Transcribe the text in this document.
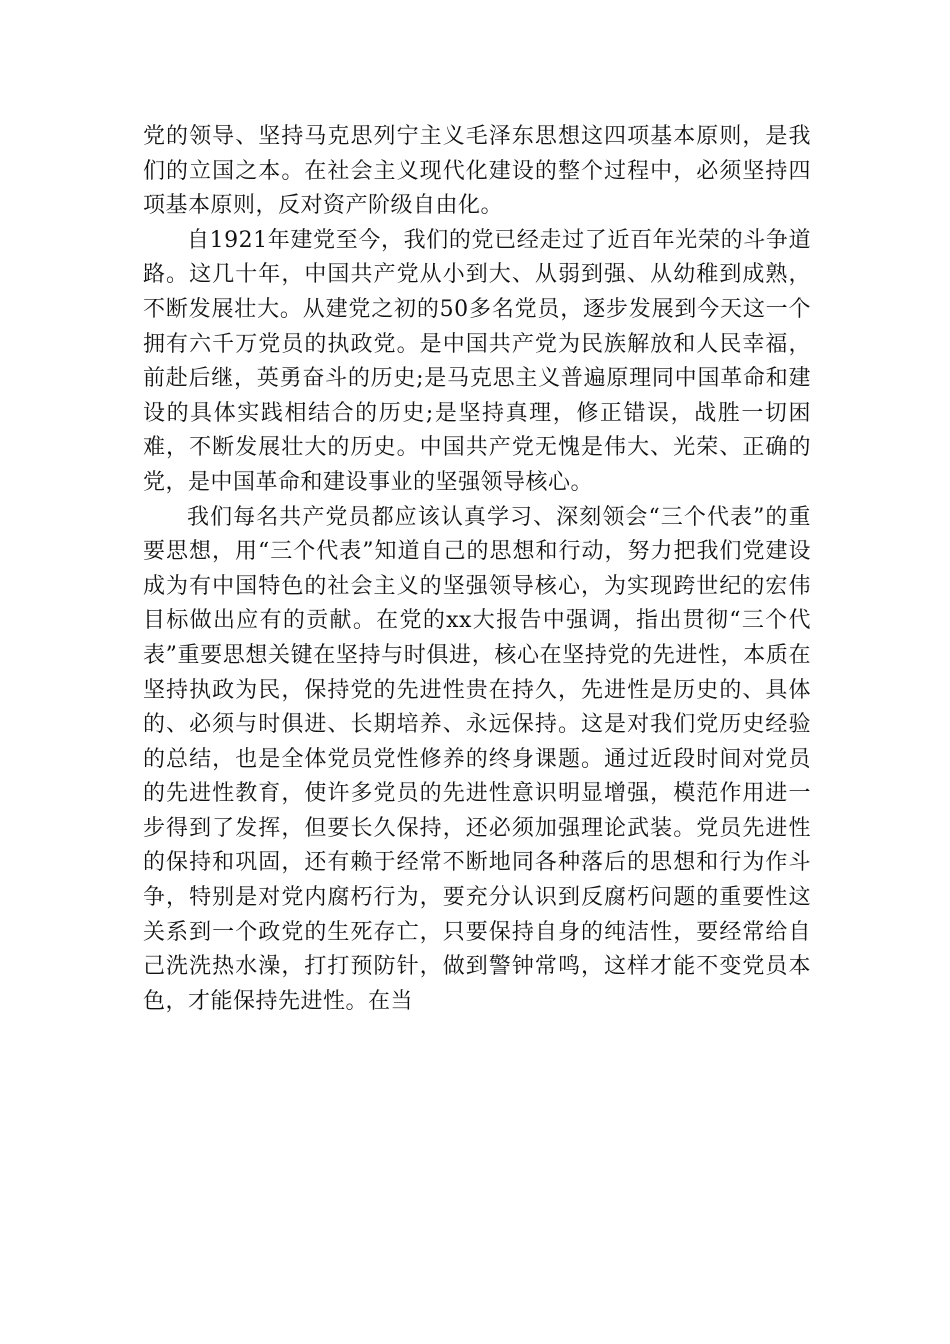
党的领导、坚持马克思列宁主义毛泽东思想这四项基本原则，是我们的立国之本。在社会主义现代化建设的整个过程中，必须坚持四项基本原则，反对资产阶级自由化。

自1921年建党至今，我们的党已经走过了近百年光荣的斗争道路。这几十年，中国共产党从小到大、从弱到强、从幼稚到成熟，不断发展壮大。从建党之初的50多名党员，逐步发展到今天这一个拥有六千万党员的执政党。是中国共产党为民族解放和人民幸福，前赴后继，英勇奋斗的历史;是马克思主义普遍原理同中国革命和建设的具体实践相结合的历史;是坚持真理，修正错误，战胜一切困难，不断发展壮大的历史。中国共产党无愧是伟大、光荣、正确的党，是中国革命和建设事业的坚强领导核心。

我们每名共产党员都应该认真学习、深刻领会“三个代表”的重要思想，用“三个代表”知道自己的思想和行动，努力把我们党建设成为有中国特色的社会主义的坚强领导核心，为实现跨世纪的宏伟目标做出应有的贡献。在党的xx大报告中强调，指出贯彻“三个代表”重要思想关键在坚持与时俱进，核心在坚持党的先进性，本质在坚持执政为民，保持党的先进性贵在持久，先进性是历史的、具体的、必须与时俱进、长期培养、永远保持。这是对我们党历史经验的总结，也是全体党员党性修养的终身课题。通过近段时间对党员的先进性教育，使许多党员的先进性意识明显增强，模范作用进一步得到了发挥，但要长久保持，还必须加强理论武装。党员先进性的保持和巩固，还有赖于经常不断地同各种落后的思想和行为作斗争，特别是对党内腐朽行为，要充分认识到反腐朽问题的重要性这关系到一个政党的生死存亡，只要保持自身的纯洁性，要经常给自己洗洗热水澡，打打预防针，做到警钟常鸣，这样才能不变党员本色，才能保持先进性。在当
